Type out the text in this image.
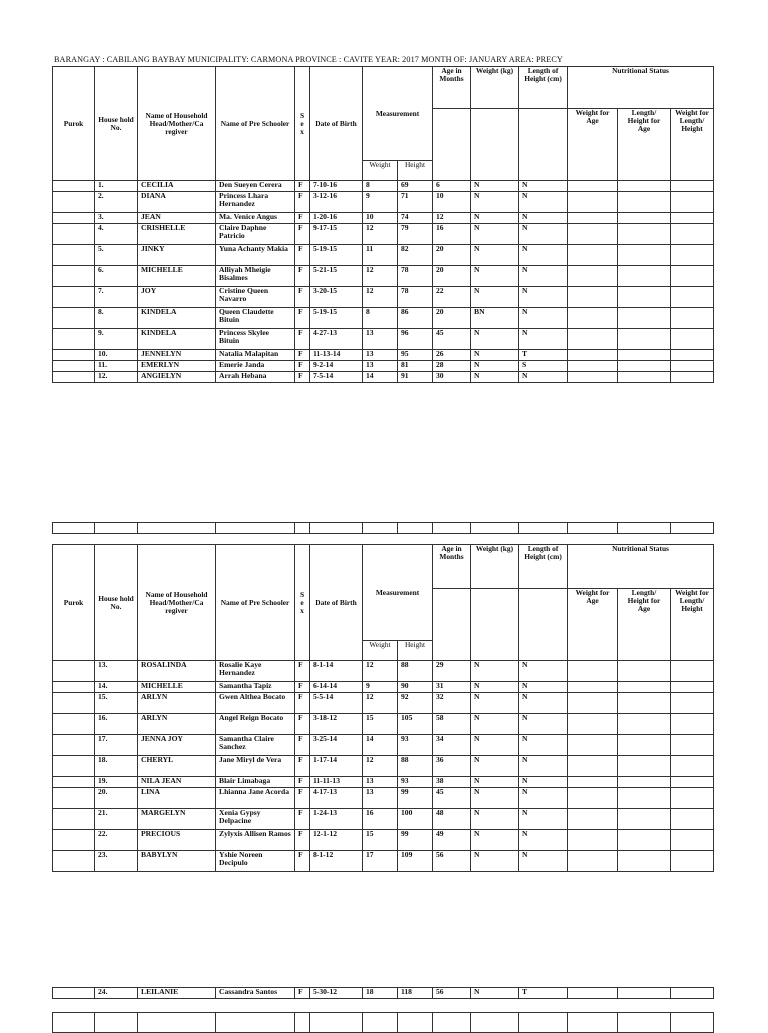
BARANGAY : CABILANG BAYBAY MUNICIPALITY: CARMONA PROVINCE : CAVITE YEAR: 2017 MONTH OF: JANUARY AREA: PRECY
Purok	House hold No.	Name of Household Head/Mother/Ca regiver	Name of Pre Schooler	S e x	Date of Birth	Measurement		Age in Months	Weight (kg)	Length of Height (cm)	Nutritional Status		
											Weight for Age	Length/ Height for Age	Weight for Length/ Height
						Weight	Height						
	1.	CECILIA	Den Sueyen Cerera	F	7-10-16	8	69	6	N	N			
	2.	DIANA	Princess Lhara Hernandez	F	3-12-16	9	71	10	N	N			
	3.	JEAN	Ma. Venice Angus	F	1-20-16	10	74	12	N	N			
	4.	CRISHELLE	Claire Daphne Patricio	F	9-17-15	12	79	16	N	N			
	5.	JINKY	Yuna Achanty Makia	F	5-19-15	11	82	20	N	N			
	6.	MICHELLE	Alliyah Mheigie Bisalmes	F	5-21-15	12	78	20	N	N			
	7.	JOY	Cristine Queen Navarro	F	3-20-15	12	78	22	N	N			
	8.	KINDELA	Queen Claudette Bituin	F	5-19-15	8	86	20	BN	N			
	9.	KINDELA	Princess Skylee Bituin	F	4-27-13	13	96	45	N	N			
	10.	JENNELYN	Natalia Malapitan	F	11-13-14	13	95	26	N	T			
	11.	EMERLYN	Emerie Janda	F	9-2-14	13	81	28	N	S			
	12.	ANGIELYN	Arrah Hebana	F	7-5-14	14	91	30	N	N			

Purok	House hold No.	Name of Household Head/Mother/Ca regiver	Name of Pre Schooler	S e x	Date of Birth	Measurement		Age in Months	Weight (kg)	Length of Height (cm)	Nutritional Status		
											Weight for Age	Length/ Height for Age	Weight for Length/ Height
						Weight	Height						
	13.	ROSALINDA	Rosalie Kaye Hernandez	F	8-1-14	12	88	29	N	N			
	14.	MICHELLE	Samantha Tapiz	F	6-14-14	9	90	31	N	N			
	15.	ARLYN	Gwen Althea Bocato	F	5-5-14	12	92	32	N	N			
	16.	ARLYN	Angel Reign Bocato	F	3-18-12	15	105	58	N	N			
	17.	JENNA JOY	Samantha Claire Sanchez	F	3-25-14	14	93	34	N	N			
	18.	CHERYL	Jane Miryl de Vera	F	1-17-14	12	88	36	N	N			
	19.	NILA JEAN	Blair Limabaga	F	11-11-13	13	93	38	N	N			
	20.	LINA	Lhianna Jane Acorda	F	4-17-13	13	99	45	N	N			
	21.	MARGELYN	Xenia Gypsy Delpacine	F	1-24-13	16	100	48	N	N			
	22.	PRECIOUS	Zylyxis Allisen Ramos	F	12-1-12	15	99	49	N	N			
	23.	BABYLYN	Yshie Noreen Decipulo	F	8-1-12	17	109	56	N	N			
	24.	LEILANIE	Cassandra Santos	F	5-30-12	18	118	56	N	T			
